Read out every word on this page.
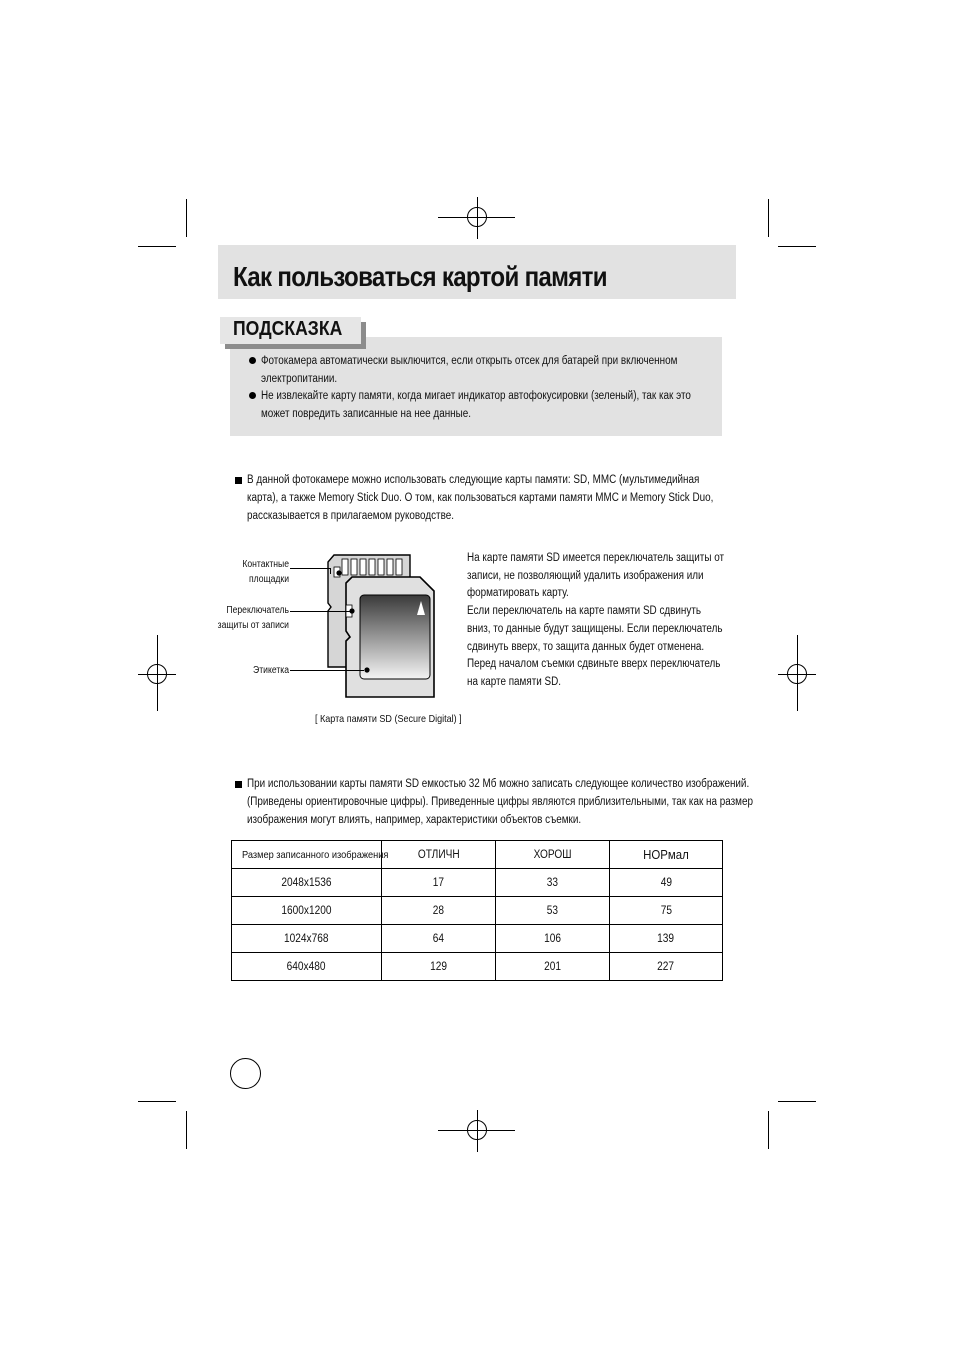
Как пользоваться картой памяти
ПОДСКАЗКА
Фотокамера автоматически выключится, если открыть отсек для батарей при включенном
электропитании.
Не извлекайте карту памяти, когда мигает индикатор автофокусировки (зеленый), так как это
может повредить записанные на нее данные.
В данной фотокамере можно использовать следующие карты памяти: SD, MMC (мультимедийная
карта), а также Memory Stick Duo. О том, как пользоваться картами памяти MMC и Memory Stick Duo,
рассказывается в прилагаемом руководстве.
Контактные
площадки
Переключатель
защиты от записи
Этикетка
[ Карта памяти SD (Secure Digital) ]
На карте памяти SD имеется переключатель защиты от
записи, не позволяющий удалить изображения или
форматировать карту.
Если переключатель на карте памяти SD сдвинуть
вниз, то данные будут защищены. Если переключатель
сдвинуть вверх, то защита данных будет отменена.
Перед началом съемки сдвиньте вверх переключатель
на карте памяти SD.
При использовании карты памяти SD емкостью 32 Мб можно записать следующее количество изображений.
(Приведены ориентировочные цифры). Приведенные цифры являются приблизительными, так как на размер
изображения могут влиять, например, характеристики объектов съемки.
Размер записанного изображения	ОТЛИЧН	ХОРОШ	НОРмал
2048x1536	17	33	49
1600x1200	28	53	75
1024x768	64	106	139
640x480	129	201	227
